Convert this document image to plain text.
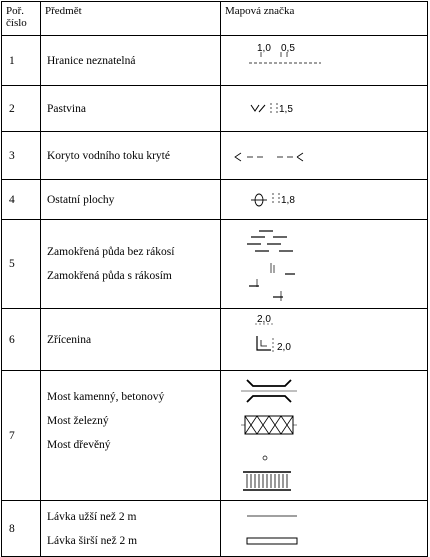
Poř.
číslo	Předmět	Mapová značka
1	Hranice neznatelná	1,0 0,5

2	Pastvina	1,5

3	Koryto vodního toku kryté

4	Ostatní plochy	1,8

5	Zamokřená půda bez rákosí
Zamokřená půda s rákosím

6	Zřícenina	2,0
2,0

7	Most kamenný, betonový
Most železný
Most dřevěný

8	Lávka užší než 2 m
Lávka širší než 2 m
